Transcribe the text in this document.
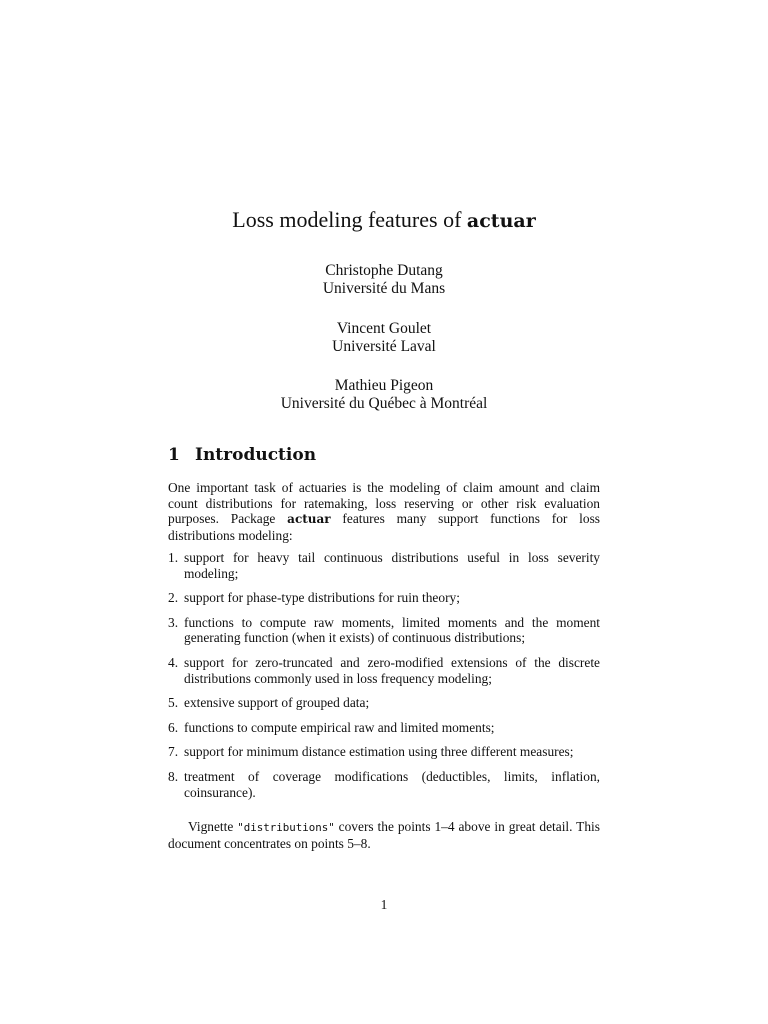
Loss modeling features of actuar
Christophe Dutang
Université du Mans
Vincent Goulet
Université Laval
Mathieu Pigeon
Université du Québec à Montréal
1 Introduction

One important task of actuaries is the modeling of claim amount and claim count distributions for ratemaking, loss reserving or other risk evaluation purposes. Package actuar features many support functions for loss distributions modeling:

1. support for heavy tail continuous distributions useful in loss severity modeling;
2. support for phase-type distributions for ruin theory;
3. functions to compute raw moments, limited moments and the moment generating function (when it exists) of continuous distributions;
4. support for zero-truncated and zero-modified extensions of the discrete distributions commonly used in loss frequency modeling;
5. extensive support of grouped data;
6. functions to compute empirical raw and limited moments;
7. support for minimum distance estimation using three different measures;
8. treatment of coverage modifications (deductibles, limits, inflation, coinsurance).

Vignette "distributions" covers the points 1–4 above in great detail. This document concentrates on points 5–8.

1
